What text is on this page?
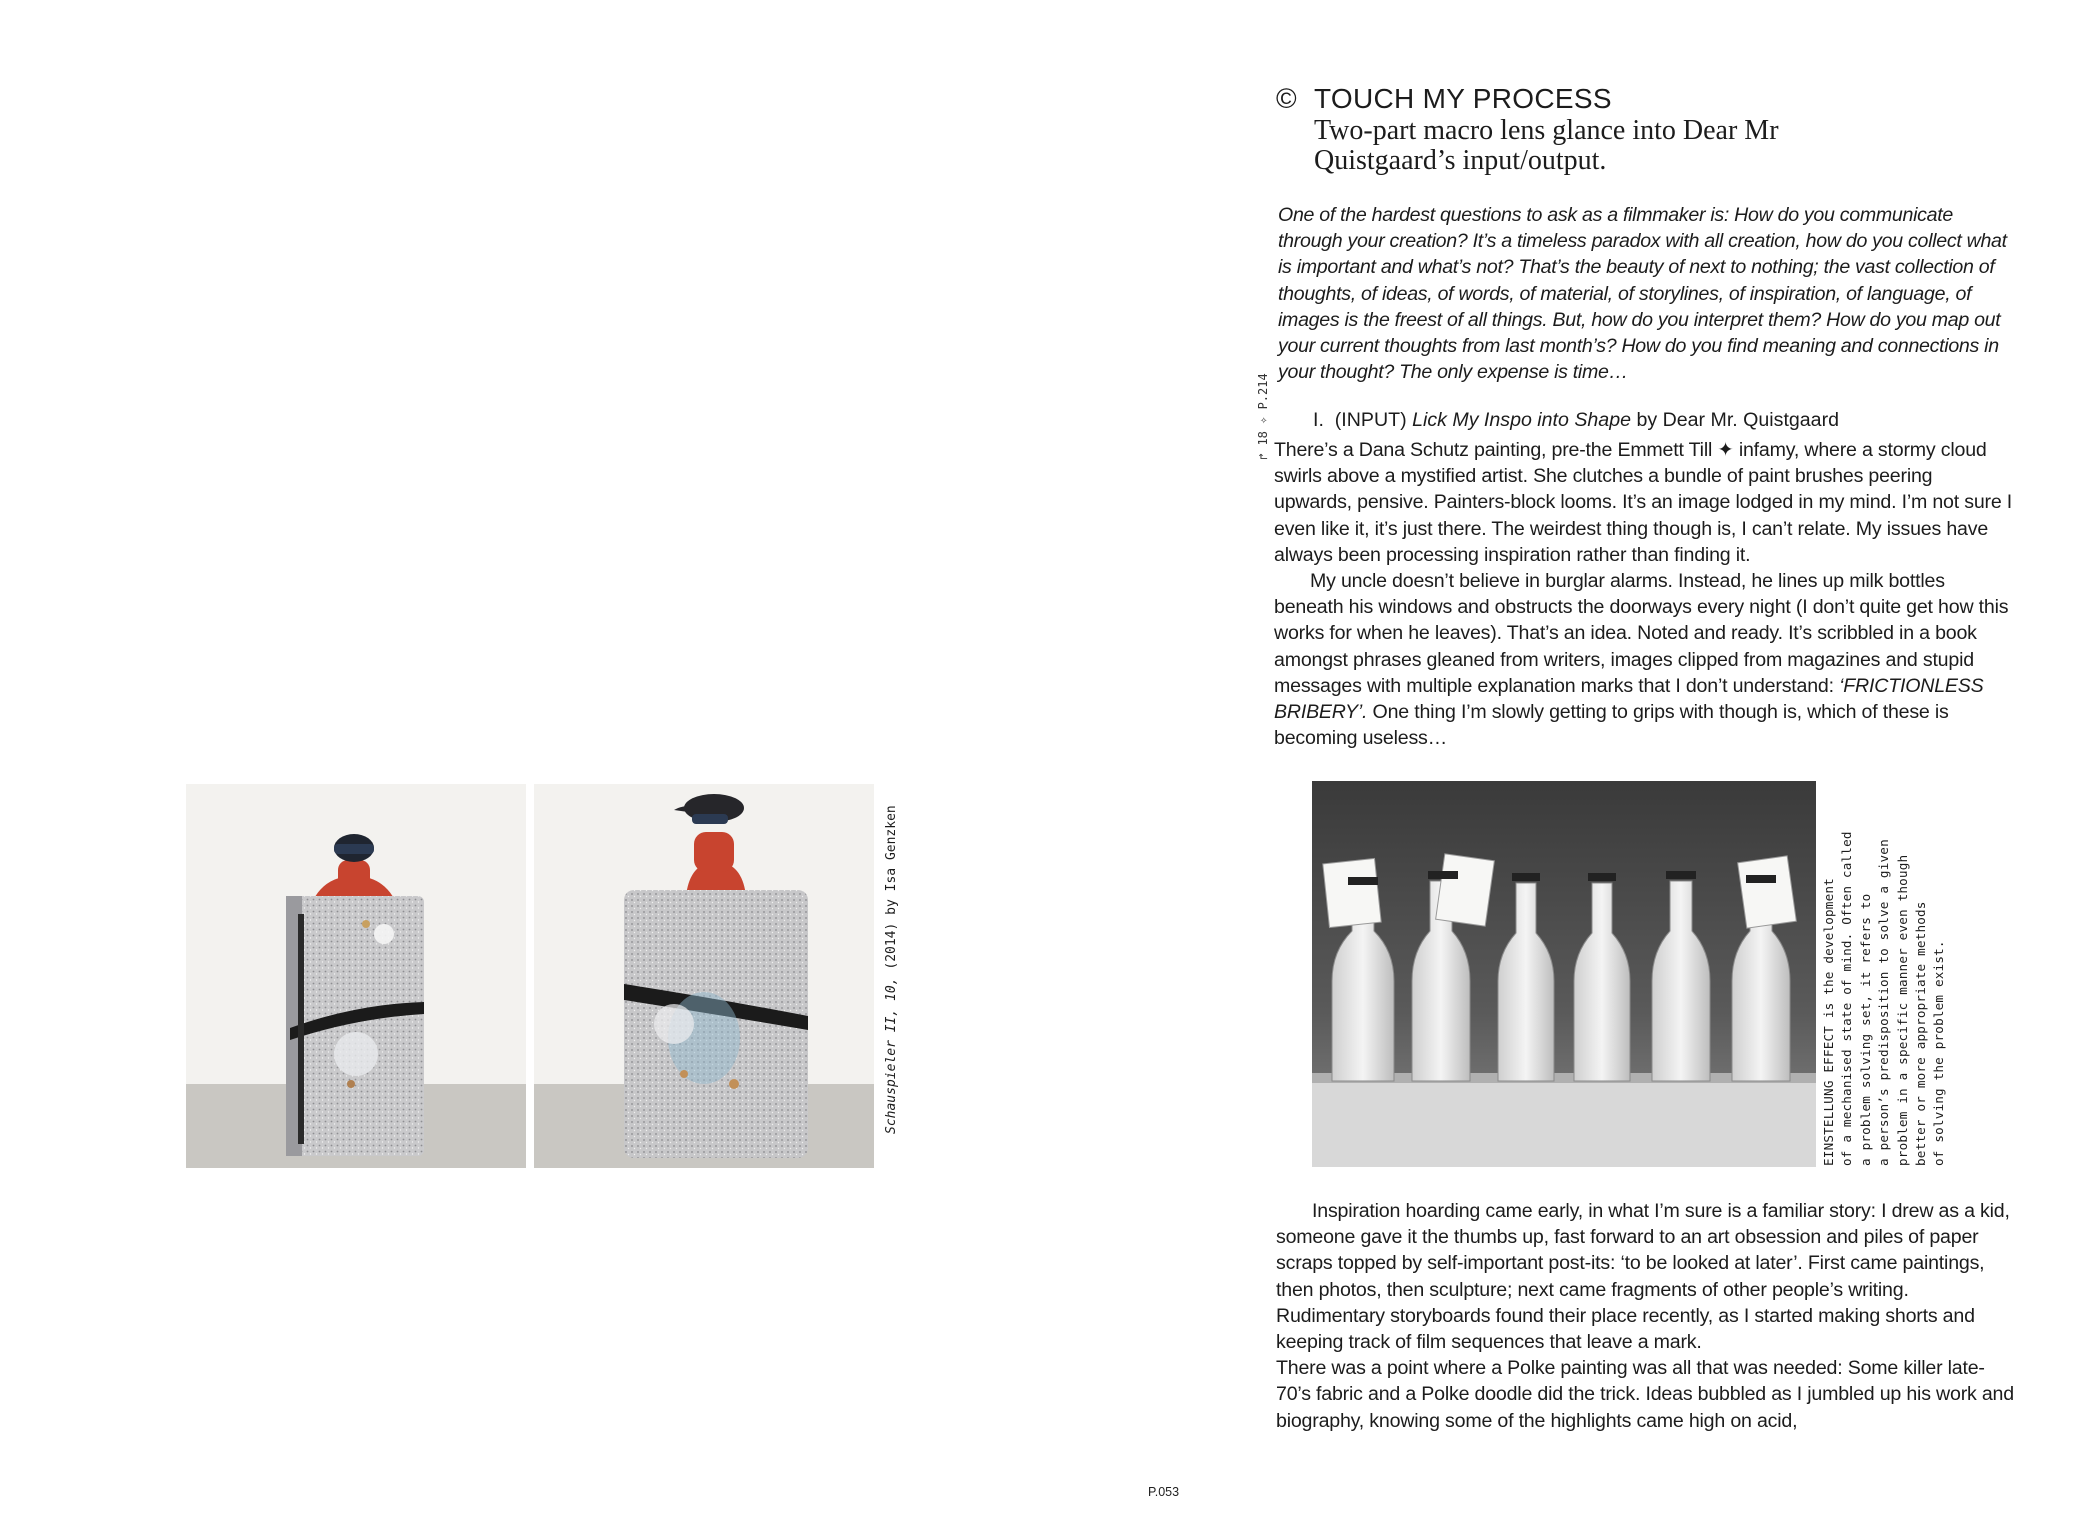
Schauspieler II, 10, (2014) by Isa Genzken
↱ 18 ✧ P.214
© TOUCH MY PROCESS
Two-part macro lens glance into Dear Mr Quistgaard’s input/output.
One of the hardest questions to ask as a filmmaker is: How do you communicate through your creation? It’s a timeless paradox with all creation, how do you collect what is important and what’s not? That’s the beauty of next to nothing; the vast collection of thoughts, of ideas, of words, of material, of storylines, of inspiration, of language, of images is the freest of all things. But, how do you interpret them? How do you map out your current thoughts from last month’s? How do you find meaning and connections in your thought? The only expense is time…
I. (INPUT) Lick My Inspo into Shape by Dear Mr. Quistgaard

There’s a Dana Schutz painting, pre-the Emmett Till ✦ infamy, where a stormy cloud swirls above a mystified artist. She clutches a bundle of paint brushes peering upwards, pensive. Painters-block looms. It’s an image lodged in my mind. I’m not sure I even like it, it’s just there. The weirdest thing though is, I can’t relate. My issues have always been processing inspiration rather than finding it.

My uncle doesn’t believe in burglar alarms. Instead, he lines up milk bottles beneath his windows and obstructs the doorways every night (I don’t quite get how this works for when he leaves). That’s an idea. Noted and ready. It’s scribbled in a book amongst phrases gleaned from writers, images clipped from magazines and stupid messages with multiple explanation marks that I don’t understand: ‘FRICTIONLESS BRIBERY’. One thing I’m slowly getting to grips with though is, which of these is becoming useless…

EINSTELLUNG EFFECT is the development of a mechanised state of mind. Often called a problem solving set, it refers to a person’s predisposition to solve a given problem in a specific manner even though better or more appropriate methods of solving the problem exist.

Inspiration hoarding came early, in what I’m sure is a familiar story: I drew as a kid, someone gave it the thumbs up, fast forward to an art obsession and piles of paper scraps topped by self-important post-its: ‘to be looked at later’. First came paintings, then photos, then sculpture; next came fragments of other people’s writing. Rudimentary storyboards found their place recently, as I started making shorts and keeping track of film sequences that leave a mark.

There was a point where a Polke painting was all that was needed: Some killer late-70’s fabric and a Polke doodle did the trick. Ideas bubbled as I jumbled up his work and biography, knowing some of the highlights came high on acid,

P.053
